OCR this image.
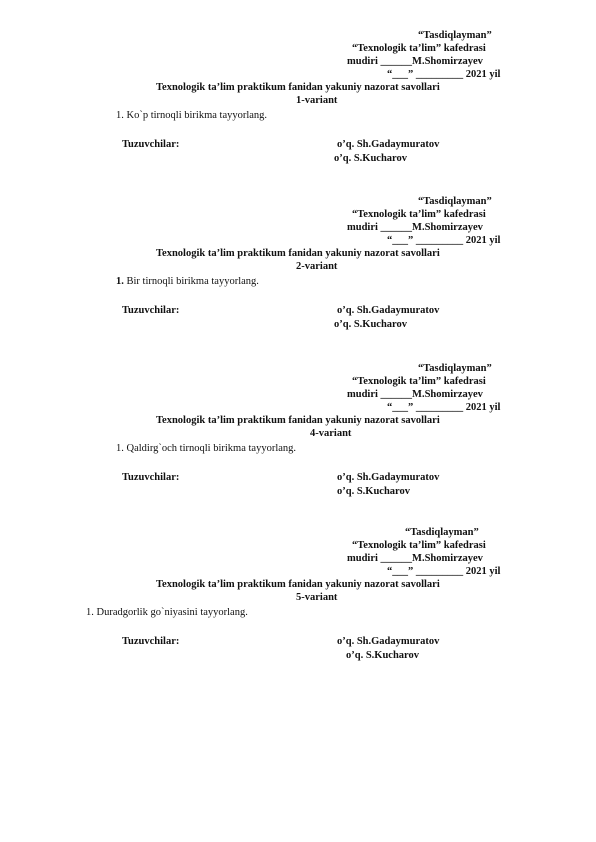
“Tasdiqlayman”
“Texnologik ta’lim” kafedrasi
mudiri ______M.Shomirzayev
“___” _________ 2021 yil
Texnologik ta’lim praktikum fanidan yakuniy nazorat savollari
1-variant
1. Ko`p tirnoqli birikma tayyorlang.
Tuzuvchilar:	o’q. Sh.Gadaymuratov
o’q. S.Kucharov
“Tasdiqlayman”
“Texnologik ta’lim” kafedrasi
mudiri ______M.Shomirzayev
“___” _________ 2021 yil
Texnologik ta’lim praktikum fanidan yakuniy nazorat savollari
2-variant
1. Bir tirnoqli birikma tayyorlang.
Tuzuvchilar:	o’q. Sh.Gadaymuratov
o’q. S.Kucharov
“Tasdiqlayman”
“Texnologik ta’lim” kafedrasi
mudiri ______M.Shomirzayev
“___” _________ 2021 yil
Texnologik ta’lim praktikum fanidan yakuniy nazorat savollari
4-variant
1. Qaldirg`och tirnoqli birikma tayyorlang.
Tuzuvchilar:	o’q. Sh.Gadaymuratov
o’q. S.Kucharov
“Tasdiqlayman”
“Texnologik ta’lim” kafedrasi
mudiri ______M.Shomirzayev
“___” _________ 2021 yil
Texnologik ta’lim praktikum fanidan yakuniy nazorat savollari
5-variant
1. Duradgorlik go`niyasini tayyorlang.
Tuzuvchilar:	o’q. Sh.Gadaymuratov
o’q. S.Kucharov
